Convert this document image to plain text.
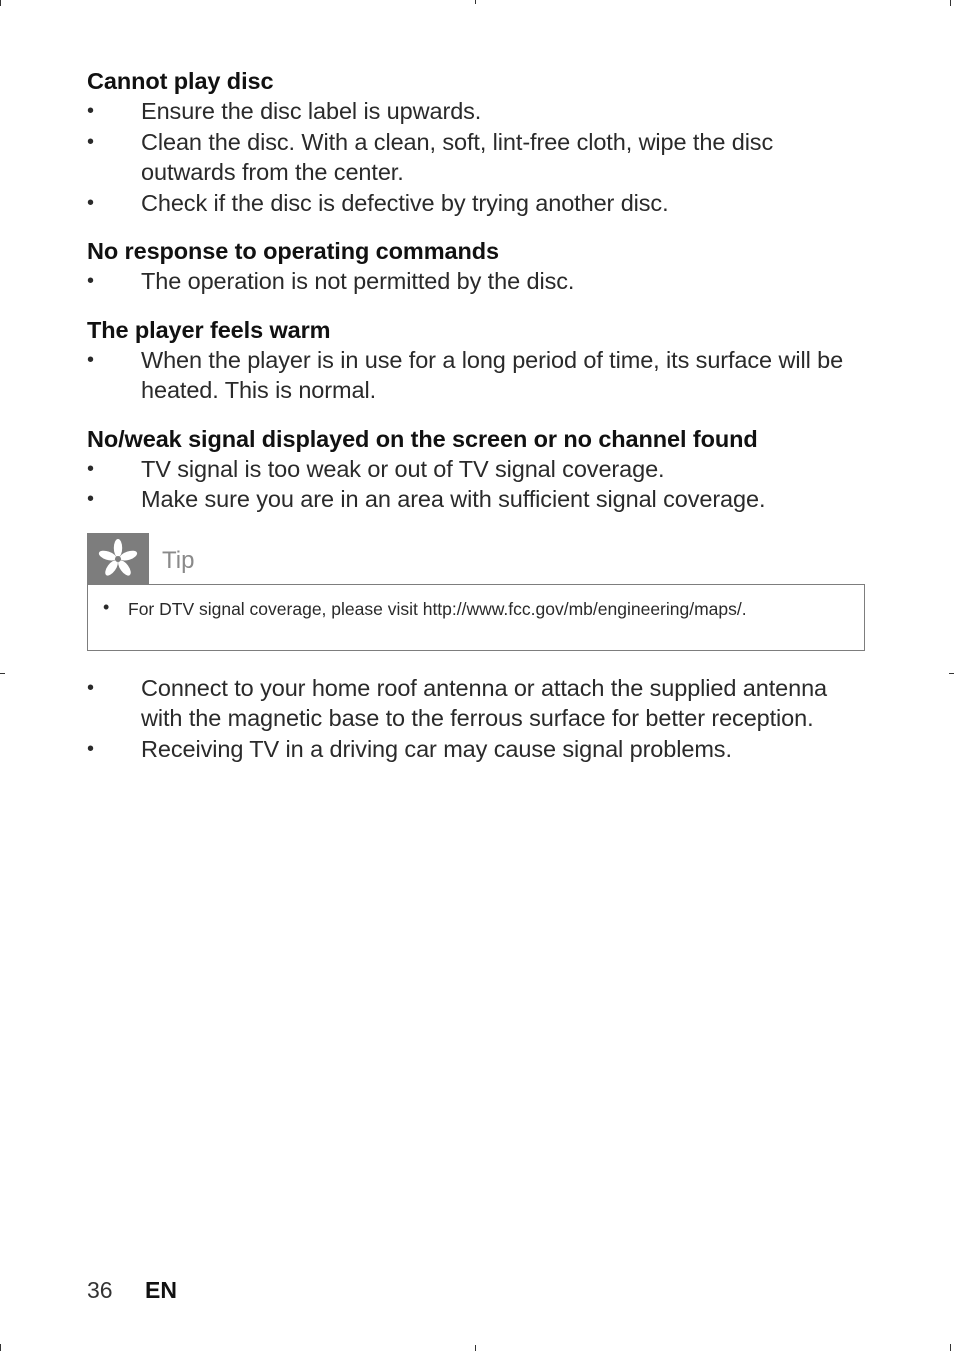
Cannot play disc
• Ensure the disc label is upwards.
• Clean the disc. With a clean, soft, lint-free cloth, wipe the disc outwards from the center.
• Check if the disc is defective by trying another disc.
No response to operating commands
• The operation is not permitted by the disc.
The player feels warm
• When the player is in use for a long period of time, its surface will be heated. This is normal.
No/weak signal displayed on the screen or no channel found
• TV signal is too weak or out of TV signal coverage.
• Make sure you are in an area with sufficient signal coverage.
Tip
• For DTV signal coverage, please visit http://www.fcc.gov/mb/engineering/maps/.
• Connect to your home roof antenna or attach the supplied antenna with the magnetic base to the ferrous surface for better reception.
• Receiving TV in a driving car may cause signal problems.
36	EN
